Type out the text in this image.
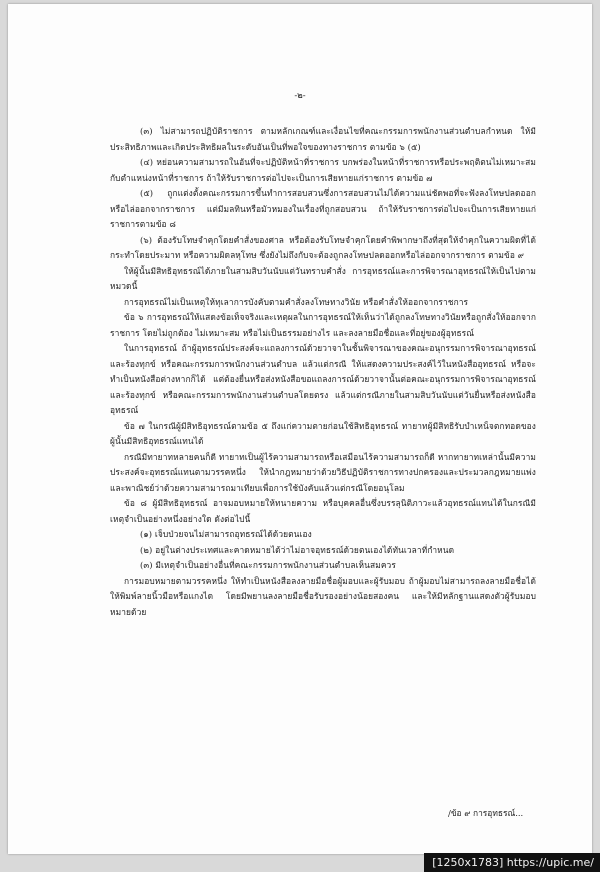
-๒-

(๓) ไม่สามารถปฏิบัติราชการ ตามหลักเกณฑ์และเงื่อนไขที่คณะกรรมการพนักงานส่วนตำบลกำหนด ให้มีประสิทธิภาพและเกิดประสิทธิผลในระดับอันเป็นที่พอใจของทางราชการ ตามข้อ ๖ (๕)

(๔) หย่อนความสามารถในอันที่จะปฏิบัติหน้าที่ราชการ บกพร่องในหน้าที่ราชการหรือประพฤติตนไม่เหมาะสมกับตำแหน่งหน้าที่ราชการ ถ้าให้รับราชการต่อไปจะเป็นการเสียหายแก่ราชการ ตามข้อ ๗

(๕) ถูกแต่งตั้งคณะกรรมการขึ้นทำการสอบสวนซึ่งการสอบสวนไม่ได้ความแน่ชัดพอที่จะฟังลงโทษปลดออกหรือไล่ออกจากราชการ แต่มีมลทินหรือมัวหมองในเรื่องที่ถูกสอบสวน ถ้าให้รับราชการต่อไปจะเป็นการเสียหายแก่ราชการตามข้อ ๘

(๖) ต้องรับโทษจำคุกโดยคำสั่งของศาล หรือต้องรับโทษจำคุกโดยคำพิพากษาถึงที่สุดให้จำคุกในความผิดที่ได้กระทำโดยประมาท หรือความผิดลหุโทษ ซึ่งยังไม่ถึงกับจะต้องถูกลงโทษปลดออกหรือไล่ออกจากราชการ ตามข้อ ๙

ให้ผู้นั้นมีสิทธิอุทธรณ์ได้ภายในสามสิบวันนับแต่วันทราบคำสั่ง การอุทธรณ์และการพิจารณาอุทธรณ์ให้เป็นไปตามหมวดนี้

การอุทธรณ์ไม่เป็นเหตุให้ทุเลาการบังคับตามคำสั่งลงโทษทางวินัย หรือคำสั่งให้ออกจากราชการ

ข้อ ๖ การอุทธรณ์ให้แสดงข้อเท็จจริงและเหตุผลในการอุทธรณ์ให้เห็นว่าได้ถูกลงโทษทางวินัยหรือถูกสั่งให้ออกจากราชการ โดยไม่ถูกต้อง ไม่เหมาะสม หรือไม่เป็นธรรมอย่างไร และลงลายมือชื่อและที่อยู่ของผู้อุทธรณ์

ในการอุทธรณ์ ถ้าผู้อุทธรณ์ประสงค์จะแถลงการณ์ด้วยวาจาในชั้นพิจารณาของคณะอนุกรรมการพิจารณาอุทธรณ์และร้องทุกข์ หรือคณะกรรมการพนักงานส่วนตำบล แล้วแต่กรณี ให้แสดงความประสงค์ไว้ในหนังสืออุทธรณ์ หรือจะทำเป็นหนังสือต่างหากก็ได้ แต่ต้องยื่นหรือส่งหนังสือขอแถลงการณ์ด้วยวาจานั้นต่อคณะอนุกรรมการพิจารณาอุทธรณ์และร้องทุกข์ หรือคณะกรรมการพนักงานส่วนตำบลโดยตรง แล้วแต่กรณีภายในสามสิบวันนับแต่วันยื่นหรือส่งหนังสืออุทธรณ์

ข้อ ๗ ในกรณีผู้มีสิทธิอุทธรณ์ตามข้อ ๕ ถึงแก่ความตายก่อนใช้สิทธิอุทธรณ์ ทายาทผู้มีสิทธิรับบำเหน็จตกทอดของผู้นั้นมีสิทธิอุทธรณ์แทนได้

กรณีมีทายาทหลายคนก็ดี ทายาทเป็นผู้ไร้ความสามารถหรือเสมือนไร้ความสามารถก็ดี หากทายาทเหล่านั้นมีความประสงค์จะอุทธรณ์แทนตามวรรคหนึ่ง ให้นำกฎหมายว่าด้วยวิธีปฏิบัติราชการทางปกครองและประมวลกฎหมายแพ่งและพาณิชย์ว่าด้วยความสามารถมาเทียบเพื่อการใช้บังคับแล้วแต่กรณีโดยอนุโลม

ข้อ ๘ ผู้มีสิทธิอุทธรณ์ อาจมอบหมายให้ทนายความ หรือบุคคลอื่นซึ่งบรรลุนิติภาวะแล้วอุทธรณ์แทนได้ในกรณีมีเหตุจำเป็นอย่างหนึ่งอย่างใด ดังต่อไปนี้

(๑) เจ็บป่วยจนไม่สามารถอุทธรณ์ได้ด้วยตนเอง

(๒) อยู่ในต่างประเทศและคาดหมายได้ว่าไม่อาจอุทธรณ์ด้วยตนเองได้ทันเวลาที่กำหนด

(๓) มีเหตุจำเป็นอย่างอื่นที่คณะกรรมการพนักงานส่วนตำบลเห็นสมควร

การมอบหมายตามวรรคหนึ่ง ให้ทำเป็นหนังสือลงลายมือชื่อผู้มอบและผู้รับมอบ ถ้าผู้มอบไม่สามารถลงลายมือชื่อได้ ให้พิมพ์ลายนิ้วมือหรือแกงได โดยมีพยานลงลายมือชื่อรับรองอย่างน้อยสองคน และให้มีหลักฐานแสดงตัวผู้รับมอบหมายด้วย

/ข้อ ๙ การอุทธรณ์...
[1250x1783] https://upic.me/
